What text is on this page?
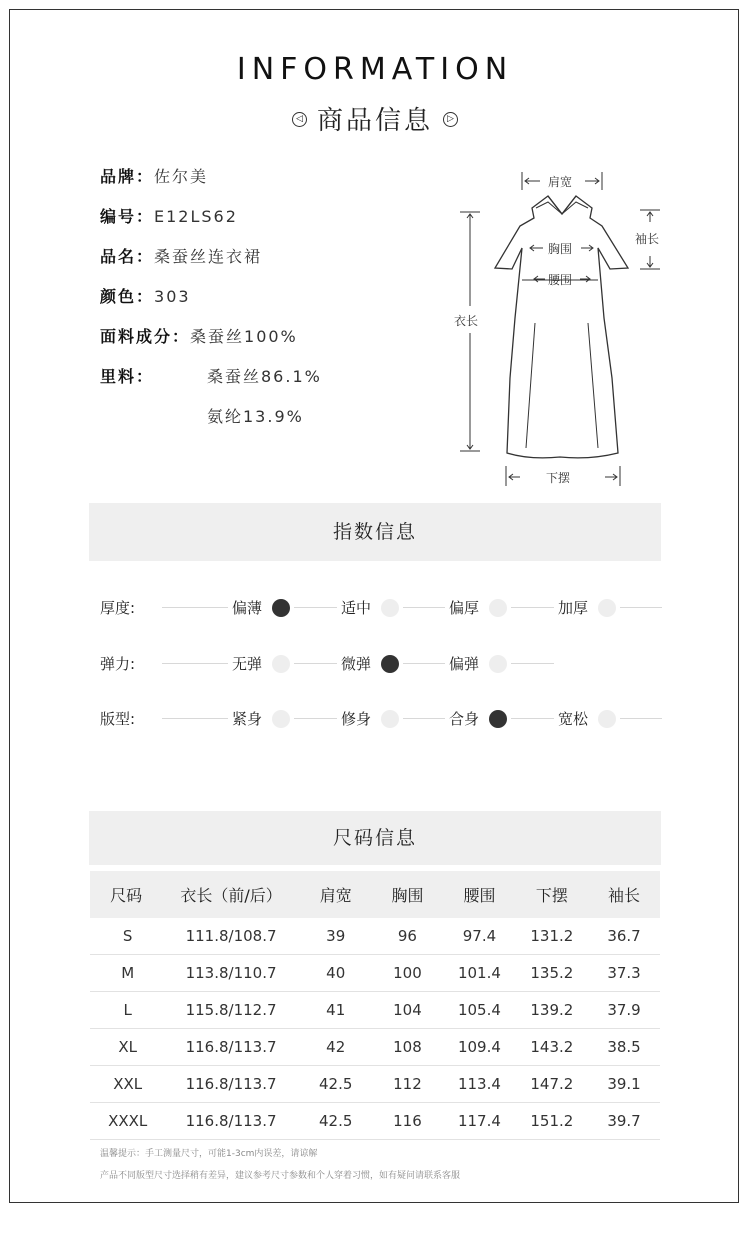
INFORMATION
◁ 商品信息 ▷
品牌：佐尔美
编号：E12LS62
品名：桑蚕丝连衣裙
颜色：303
面料成分：桑蚕丝100%
里料：	桑蚕丝86.1%
氨纶13.9%
肩宽
胸围
腰围
袖长
衣长
下摆
指数信息
厚度:	偏薄	适中	偏厚	加厚
弹力:	无弹	微弹	偏弹
版型:	紧身	修身	合身	宽松
尺码信息
尺码	衣长（前/后）	肩宽	胸围	腰围	下摆	袖长
S	111.8/108.7	39	96	97.4	131.2	36.7
M	113.8/110.7	40	100	101.4	135.2	37.3
L	115.8/112.7	41	104	105.4	139.2	37.9
XL	116.8/113.7	42	108	109.4	143.2	38.5
XXL	116.8/113.7	42.5	112	113.4	147.2	39.1
XXXL	116.8/113.7	42.5	116	117.4	151.2	39.7
温馨提示：手工测量尺寸，可能1-3cm内误差，请谅解
产品不同版型尺寸选择稍有差异，建议参考尺寸参数和个人穿着习惯，如有疑问请联系客服
